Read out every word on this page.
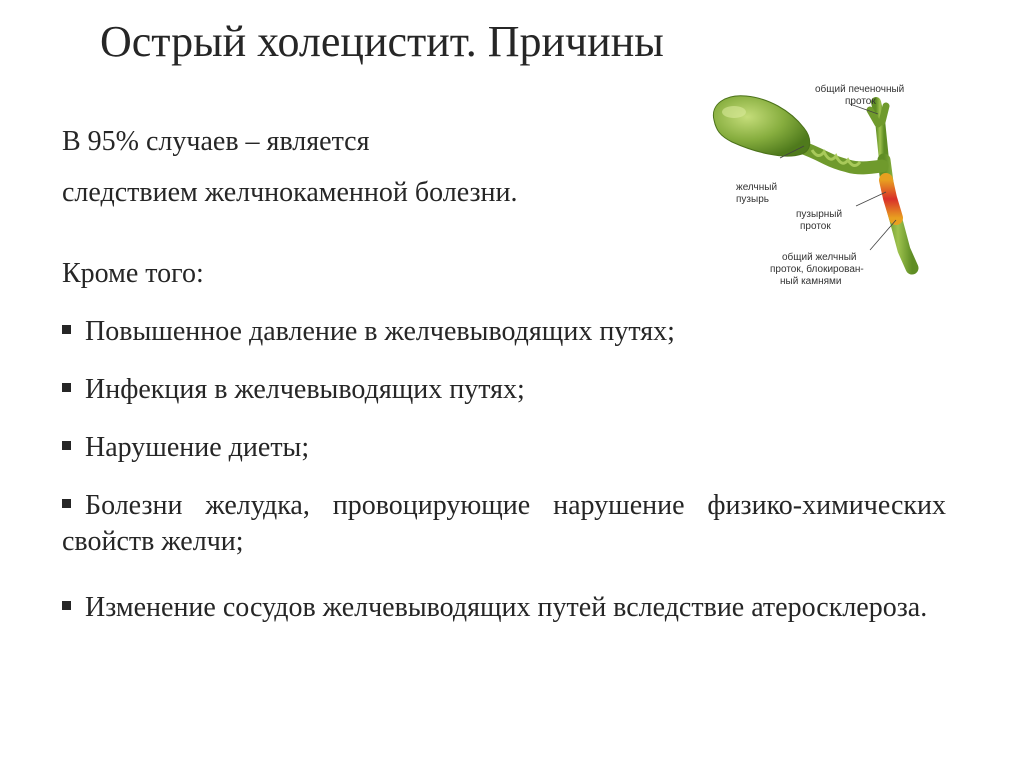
Острый холецистит. Причины
В 95% случаев – является
следствием желчнокаменной болезни.
Кроме того:
Повышенное давление в желчевыводящих путях;
Инфекция в желчевыводящих путях;
Нарушение диеты;
Болезни желудка, провоцирующие нарушение физико-химических свойств желчи;
Изменение сосудов желчевыводящих путей вследствие атеросклероза.
общий печеночный
проток
желчный
пузырь
пузырный
проток
общий желчный
проток, блокирован-
ный камнями
